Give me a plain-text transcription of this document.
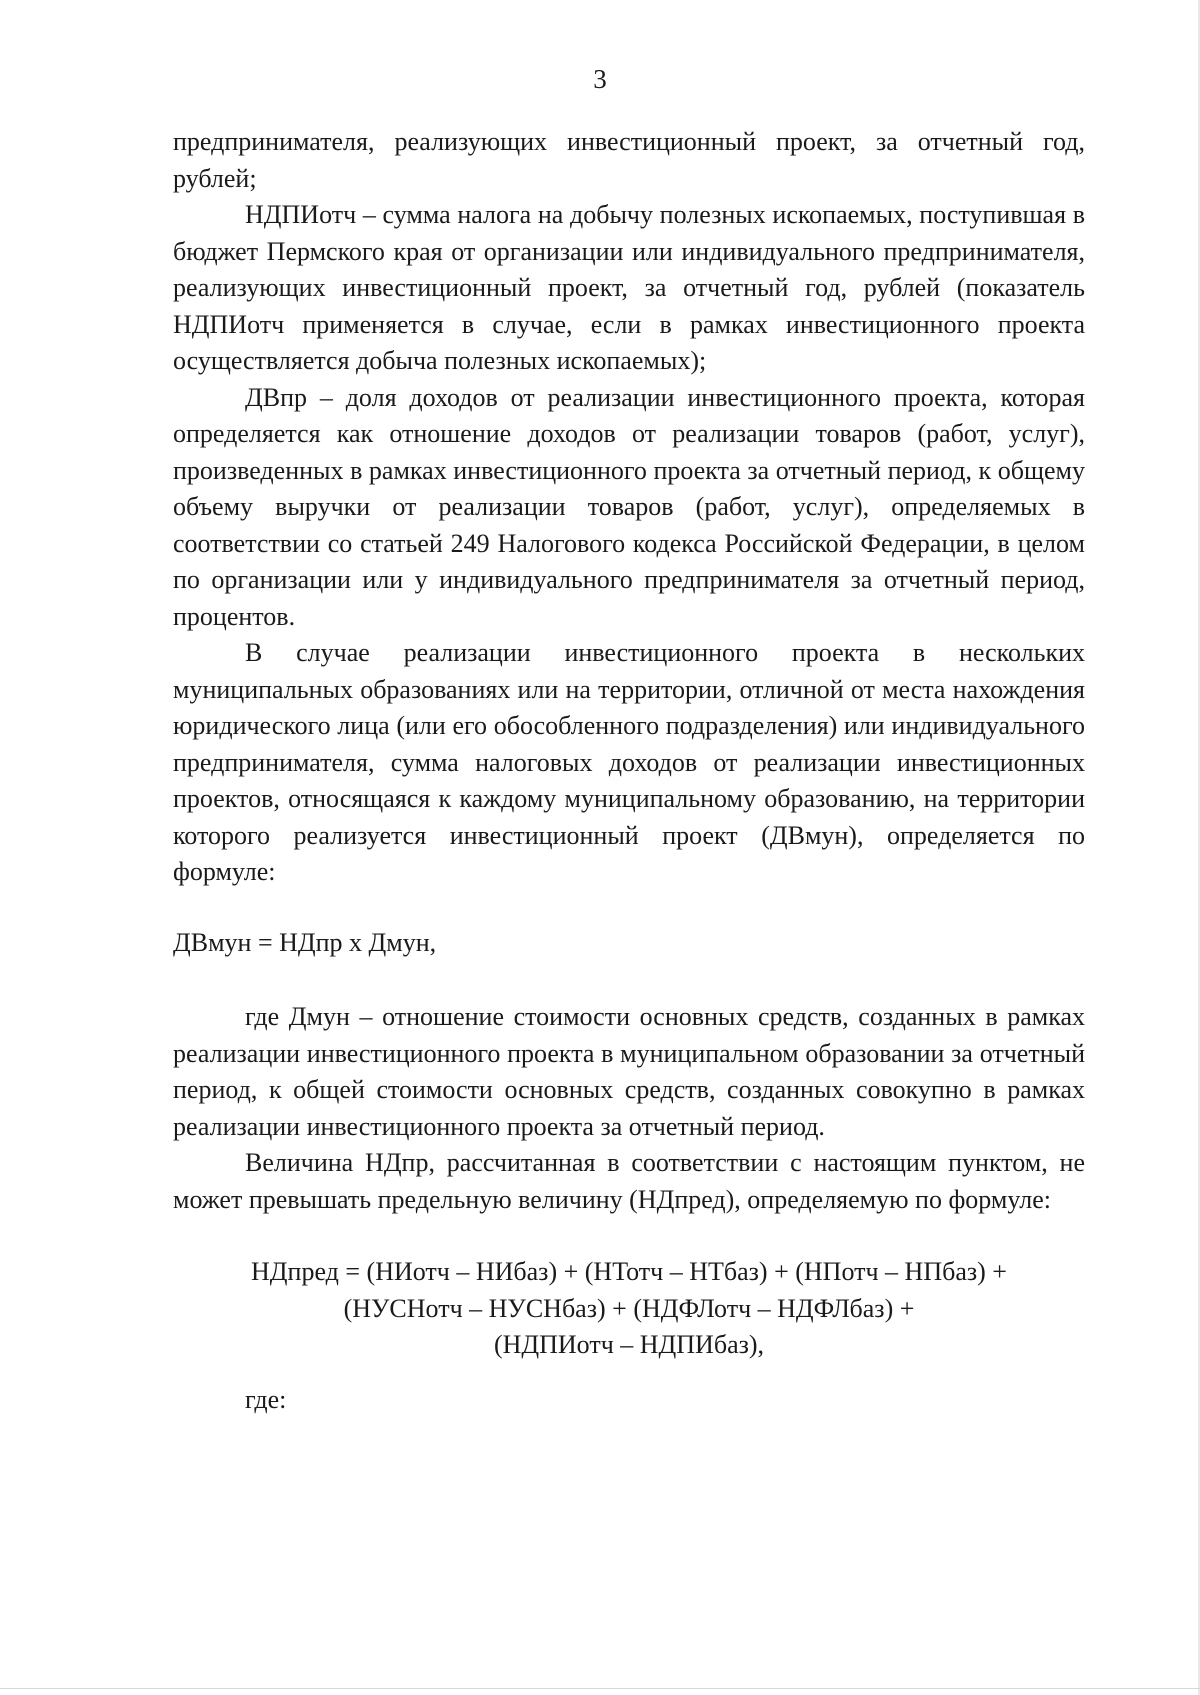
3

предпринимателя, реализующих инвестиционный проект, за отчетный год, рублей;

НДПИотч – сумма налога на добычу полезных ископаемых, поступившая в бюджет Пермского края от организации или индивидуального предпринимателя, реализующих инвестиционный проект, за отчетный год, рублей (показатель НДПИотч применяется в случае, если в рамках инвестиционного проекта осуществляется добыча полезных ископаемых);

ДВпр – доля доходов от реализации инвестиционного проекта, которая определяется как отношение доходов от реализации товаров (работ, услуг), произведенных в рамках инвестиционного проекта за отчетный период, к общему объему выручки от реализации товаров (работ, услуг), определяемых в соответствии со статьей 249 Налогового кодекса Российской Федерации, в целом по организации или у индивидуального предпринимателя за отчетный период, процентов.

В случае реализации инвестиционного проекта в нескольких муниципальных образованиях или на территории, отличной от места нахождения юридического лица (или его обособленного подразделения) или индивидуального предпринимателя, сумма налоговых доходов от реализации инвестиционных проектов, относящаяся к каждому муниципальному образованию, на территории которого реализуется инвестиционный проект (ДВмун), определяется по формуле:

ДВмун = НДпр х Дмун,

где Дмун – отношение стоимости основных средств, созданных в рамках реализации инвестиционного проекта в муниципальном образовании за отчетный период, к общей стоимости основных средств, созданных совокупно в рамках реализации инвестиционного проекта за отчетный период.

Величина НДпр, рассчитанная в соответствии с настоящим пунктом, не может превышать предельную величину (НДпред), определяемую по формуле:

НДпред = (НИотч – НИбаз) + (НТотч – НТбаз) + (НПотч – НПбаз) +
(НУСНотч – НУСНбаз) + (НДФЛотч – НДФЛбаз) +
(НДПИотч – НДПИбаз),

где:
